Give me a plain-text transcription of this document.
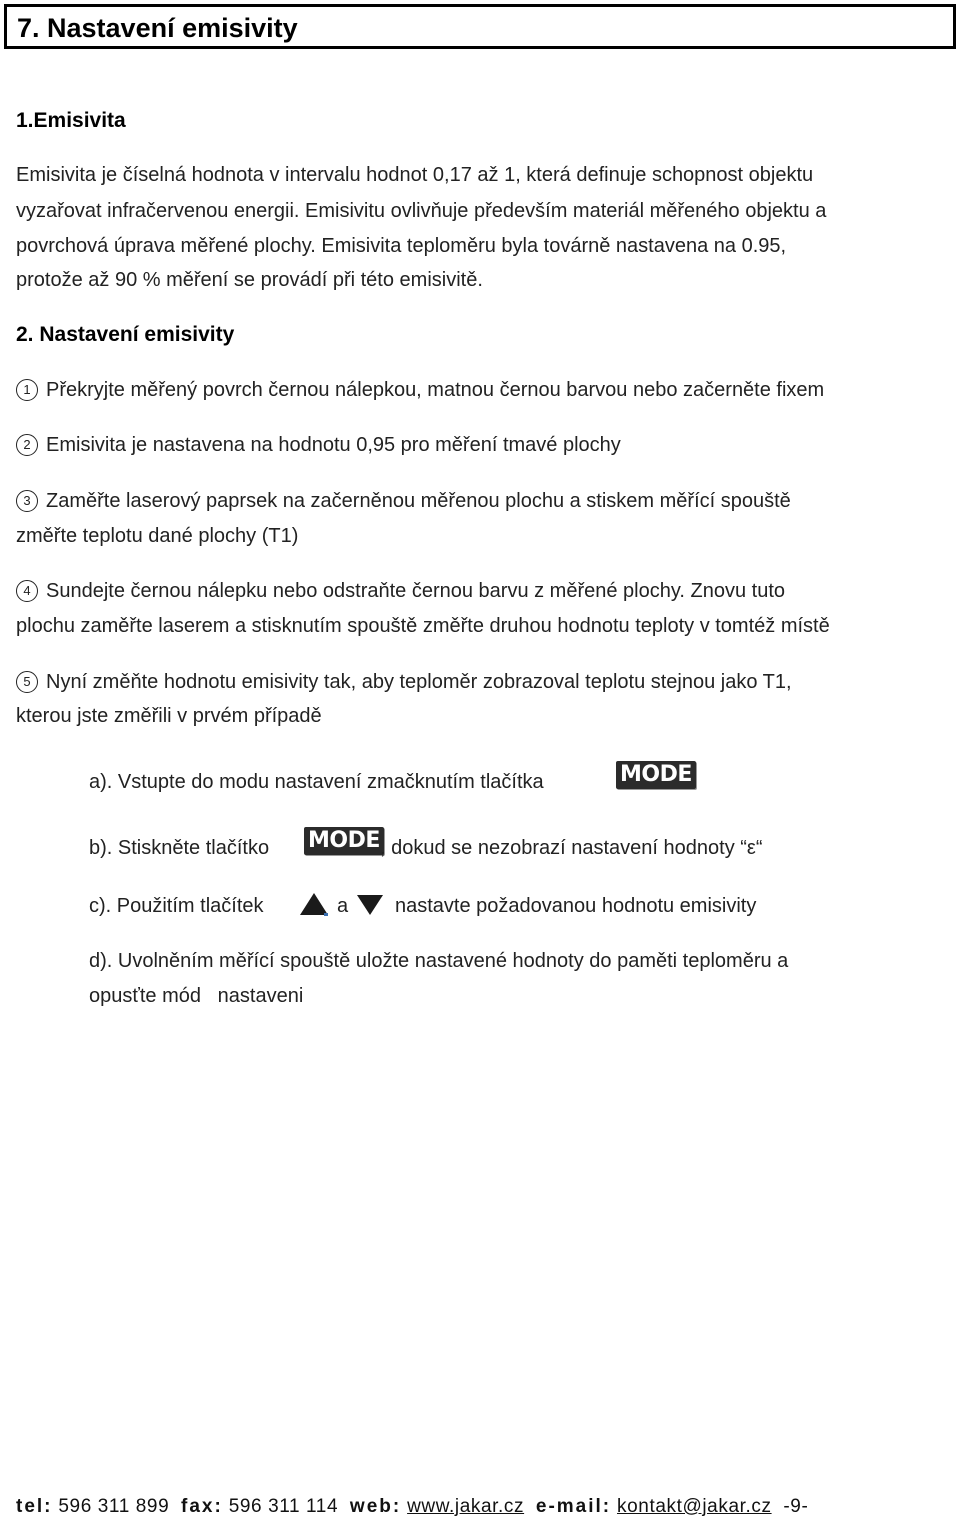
7. Nastavení emisivity
1.Emisivita
Emisivita je číselná hodnota v intervalu hodnot 0,17 až 1, která definuje schopnost objektu
vyzařovat infračervenou energii. Emisivitu ovlivňuje především materiál měřeného objektu a
povrchová úprava měřené plochy. Emisivita teploměru byla továrně nastavena na 0.95,
protože až 90 % měření se provádí při této emisivitě.
2. Nastavení emisivity
1 Překryjte měřený povrch černou nálepkou, matnou černou barvou nebo začerněte fixem
2 Emisivita je nastavena na hodnotu 0,95 pro měření tmavé plochy
3 Zaměřte laserový paprsek na začerněnou měřenou plochu a stiskem měřící spouště
změřte teplotu dané plochy (T1)
4 Sundejte černou nálepku nebo odstraňte černou barvu z měřené plochy. Znovu tuto
plochu zaměřte laserem a stisknutím spouště změřte druhou hodnotu teploty v tomtéž místě
5 Nyní změňte hodnotu emisivity tak, aby teploměr zobrazoval teplotu stejnou jako T1,
kterou jste změřili v prvém případě
a). Vstupte do modu nastavení zmačknutím tlačítka	MODE
b). Stiskněte tlačítko MODE , dokud se nezobrazí nastavení hodnoty “ε“
c). Použitím tlačítek	a nastavte požadovanou hodnotu emisivity
d). Uvolněním měřící spouště uložte nastavené hodnoty do paměti teploměru a
opusťte mód   nastaveni
tel: 596 311 899 fax: 596 311 114 web: www.jakar.cz e-mail: kontakt@jakar.cz -9-
